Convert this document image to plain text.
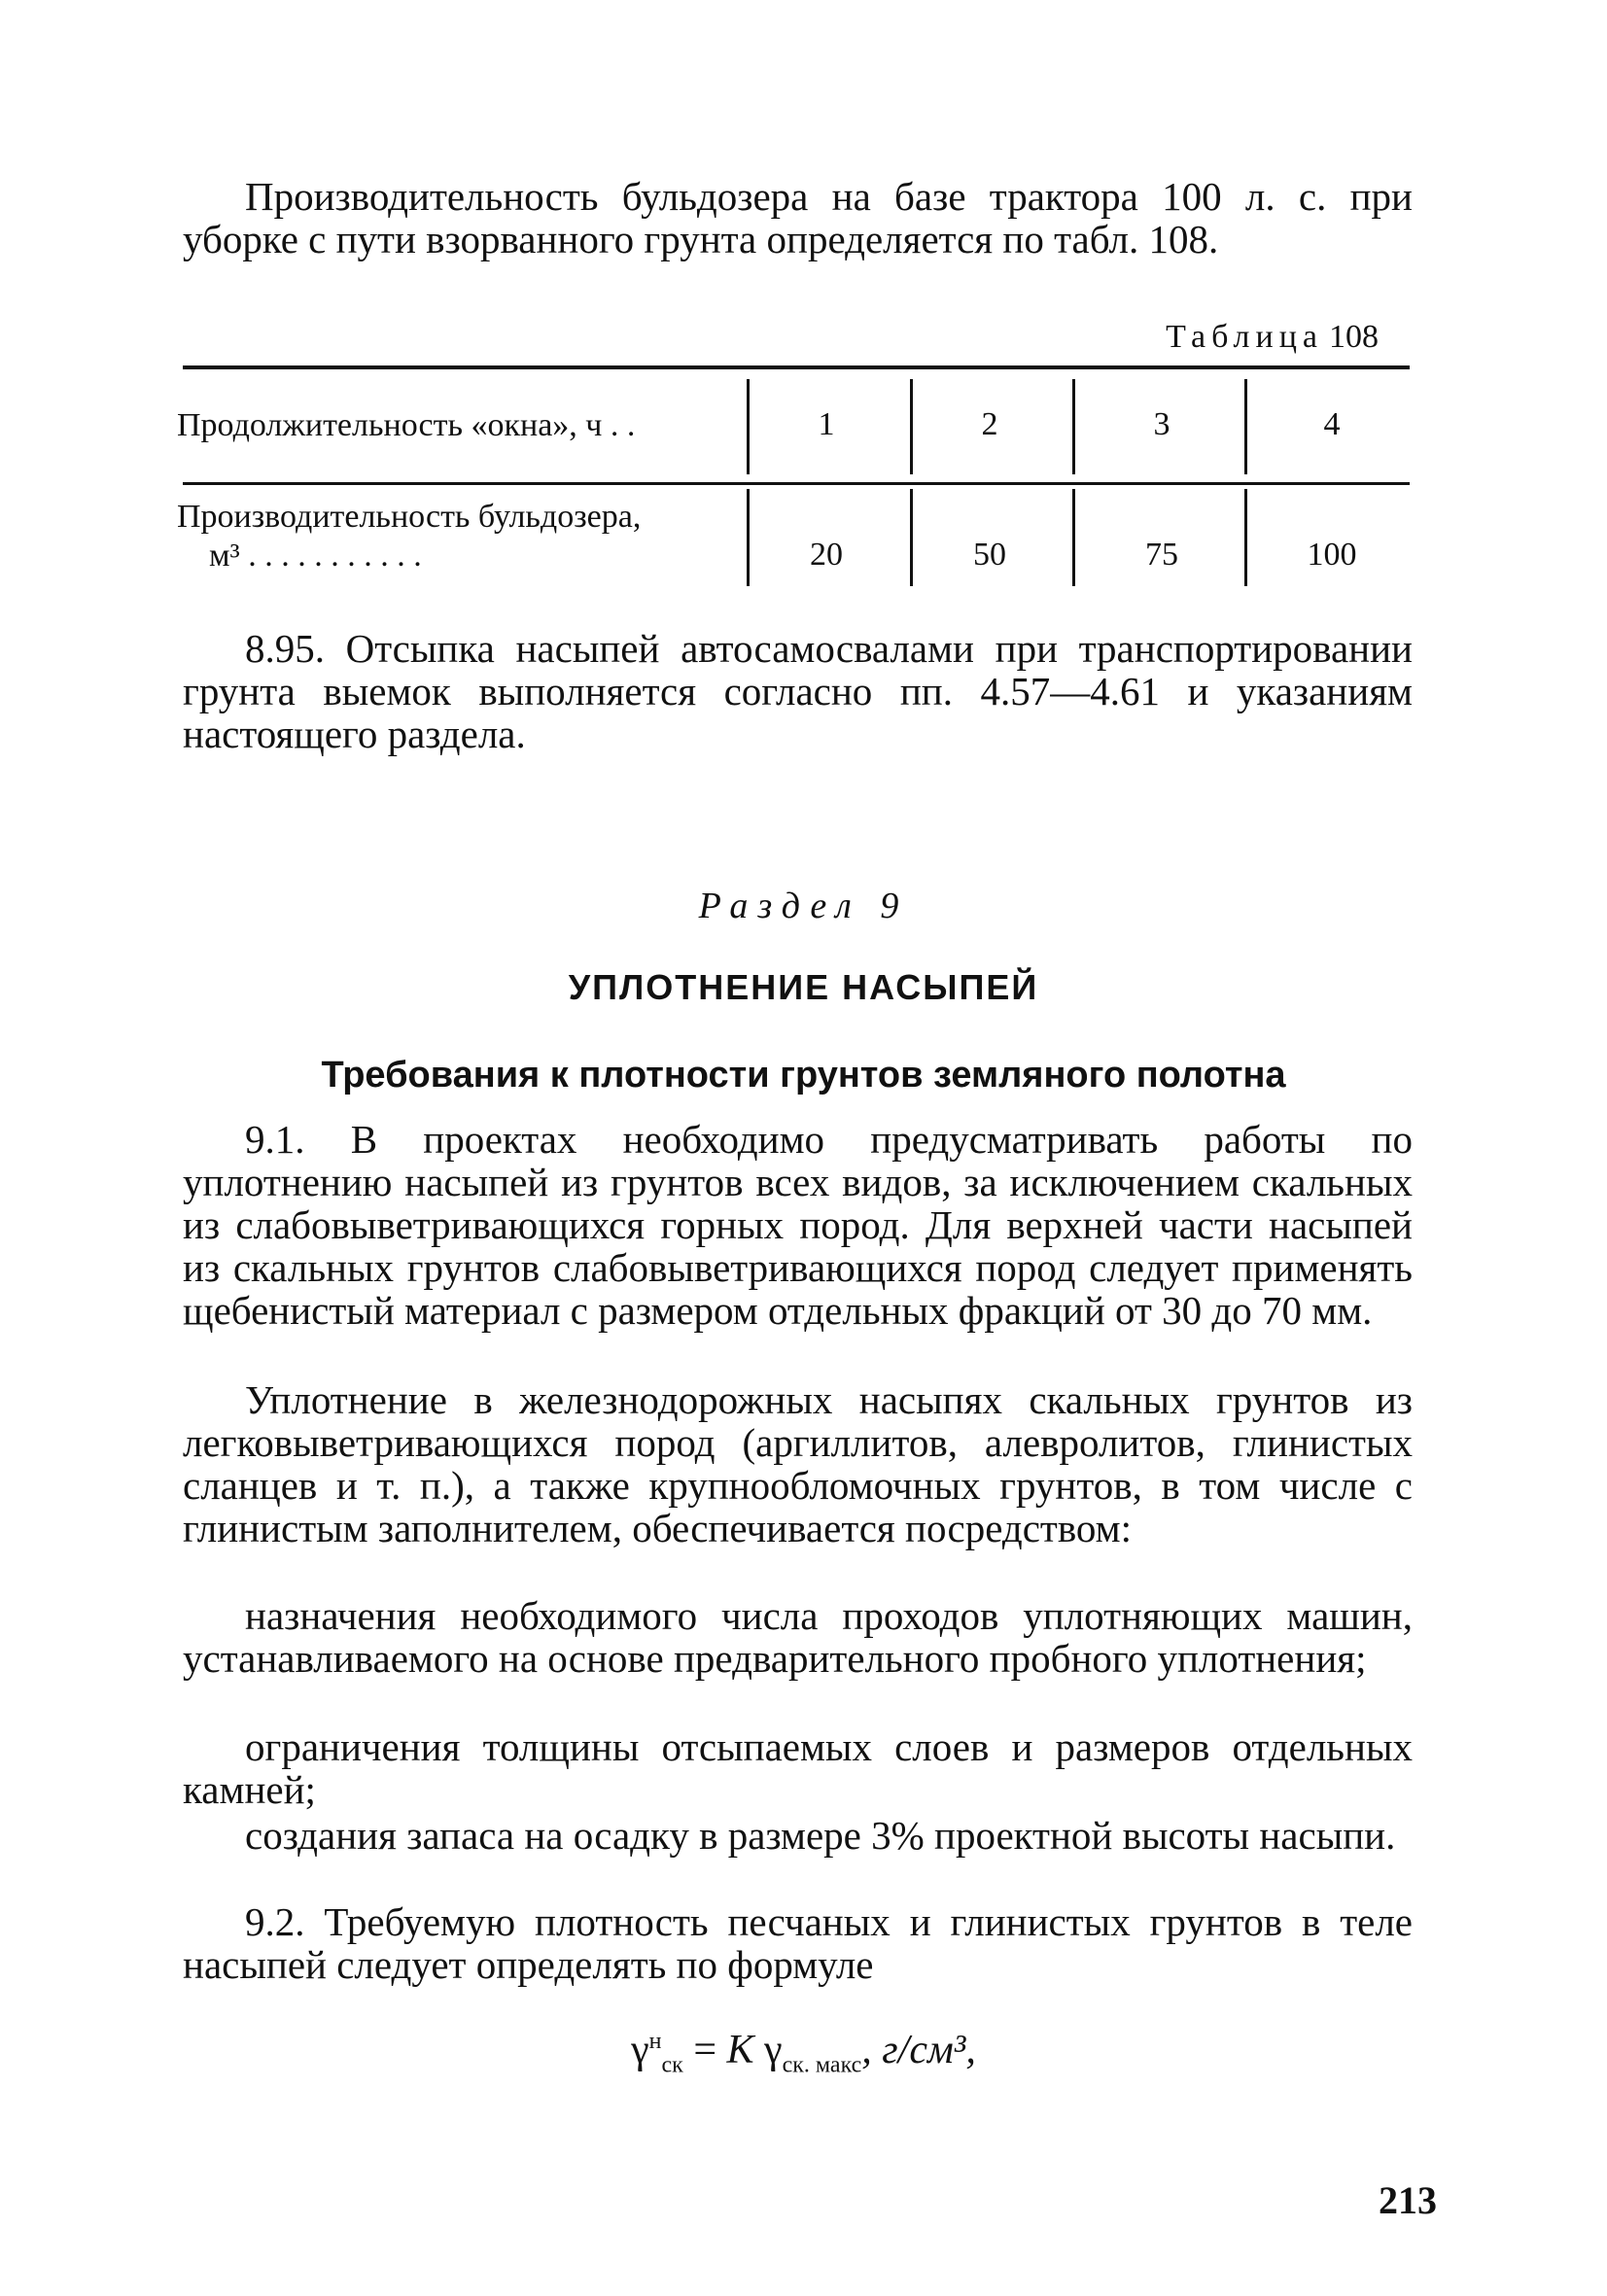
Производительность бульдозера на базе трактора 100 л. с. при уборке с пути взорванного грунта определяется по табл. 108.

Таблица 108
Продолжительность «окна», ч . .	1	2	3	4
Производительность бульдозера,
м³ . . . . . . . . . . .	20	50	75	100

8.95. Отсыпка насыпей автосамосвалами при транспортировании грунта выемок выполняется согласно пп. 4.57—4.61 и указаниям настоящего раздела.

Раздел 9
УПЛОТНЕНИЕ НАСЫПЕЙ
Требования к плотности грунтов земляного полотна

9.1. В проектах необходимо предусматривать работы по уплотнению насыпей из грунтов всех видов, за исключением скальных из слабовыветривающихся горных пород. Для верхней части насыпей из скальных грунтов слабовыветривающихся пород следует применять щебенистый материал с размером отдельных фракций от 30 до 70 мм.

Уплотнение в железнодорожных насыпях скальных грунтов из легковыветривающихся пород (аргиллитов, алевролитов, глинистых сланцев и т. п.), а также крупнообломочных грунтов, в том числе с глинистым заполнителем, обеспечивается посредством:

назначения необходимого числа проходов уплотняющих машин, устанавливаемого на основе предварительного пробного уплотнения;

ограничения толщины отсыпаемых слоев и размеров отдельных камней;

создания запаса на осадку в размере 3% проектной высоты насыпи.

9.2. Требуемую плотность песчаных и глинистых грунтов в теле насыпей следует определять по формуле

$\gamma^н_{ск} = K$ $\gamma_{ск. макс}$, г/см³,
213
